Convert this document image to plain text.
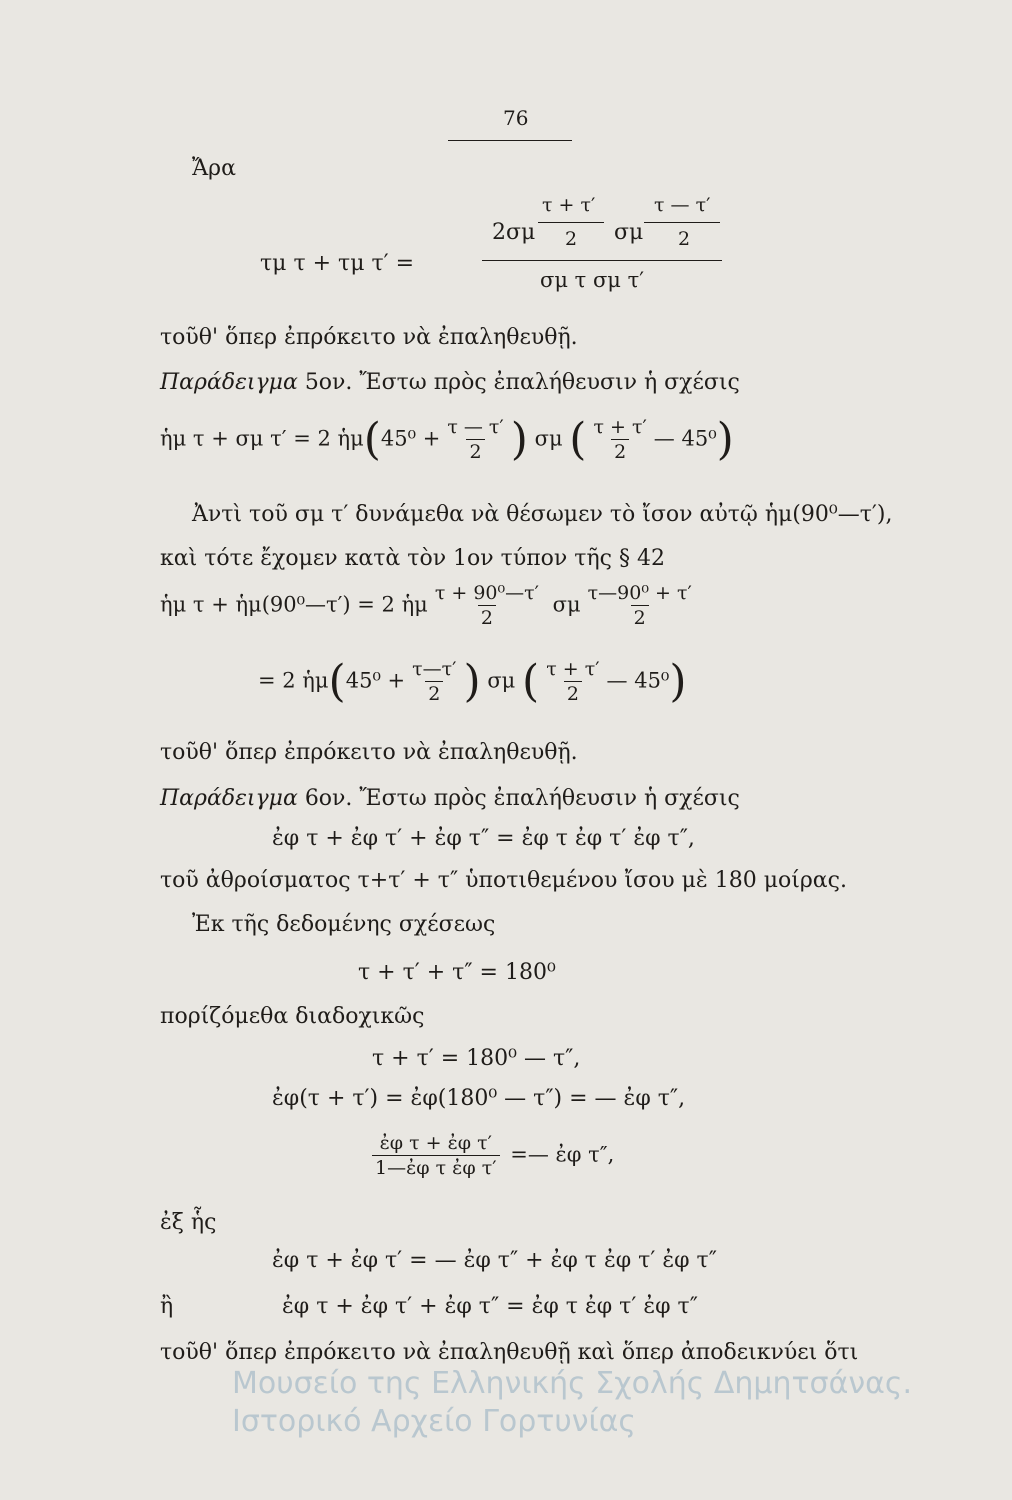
76
Ἄρα
τμ τ + τμ τ′ =
2σμ
τ + τ′
2 σμ
τ — τ′
2
σμ τ σμ τ′
τοῦθ' ὅπερ ἐπρόκειτο νὰ ἐπαληθευθῇ.
Παράδειγμα 5ον. Ἔστω πρὸς ἐπαλήθευσιν ἡ σχέσις
ἡμ τ + σμ τ′ = 2 ἡμ(45⁰ + $\frac{\tau — \tau'}{2}$ ) σμ ( $\frac{\tau + \tau'}{2}$ — 45⁰)
Ἀντὶ τοῦ σμ τ′ δυνάμεθα νὰ θέσωμεν τὸ ἴσον αὐτῷ ἡμ(90⁰—τ′),
καὶ τότε ἔχομεν κατὰ τὸν 1ον τύπον τῆς § 42
ἡμ τ + ἡμ(90⁰—τ′) = 2 ἡμ $\frac{\text{τ + 90⁰—τ′}}{2}$ σμ $\frac{\text{τ—90⁰ + τ′}}{2}$
= 2 ἡμ(45⁰ + $\frac{\tau—\tau'}{2}$ ) σμ ( $\frac{\tau + \tau'}{2}$ — 45⁰)
τοῦθ' ὅπερ ἐπρόκειτο νὰ ἐπαληθευθῇ.
Παράδειγμα 6ον. Ἔστω πρὸς ἐπαλήθευσιν ἡ σχέσις
ἐφ τ + ἐφ τ′ + ἐφ τ″ = ἐφ τ ἐφ τ′ ἐφ τ″,
τοῦ ἀθροίσματος τ+τ′ + τ″ ὑποτιθεμένου ἴσου μὲ 180 μοίρας.
Ἐκ τῆς δεδομένης σχέσεως
τ + τ′ + τ″ = 180⁰
πορίζόμεθα διαδοχικῶς
τ + τ′ = 180⁰ — τ″,
ἐφ(τ + τ′) = ἐφ(180⁰ — τ″) = — ἐφ τ″,
$\frac{\text{ἐφ τ + ἐφ τ′}}{\text{1—ἐφ τ ἐφ τ′}}$ =— ἐφ τ″,
ἐξ ἧς
ἐφ τ + ἐφ τ′ = — ἐφ τ″ + ἐφ τ ἐφ τ′ ἐφ τ″
ἢ	ἐφ τ + ἐφ τ′ + ἐφ τ″ = ἐφ τ ἐφ τ′ ἐφ τ″
τοῦθ' ὅπερ ἐπρόκειτο νὰ ἐπαληθευθῇ καὶ ὅπερ ἀποδεικνύει ὅτι
Μουσείο της Ελληνικής Σχολής Δημητσάνας.
Ιστορικό Αρχείο Γορτυνίας
